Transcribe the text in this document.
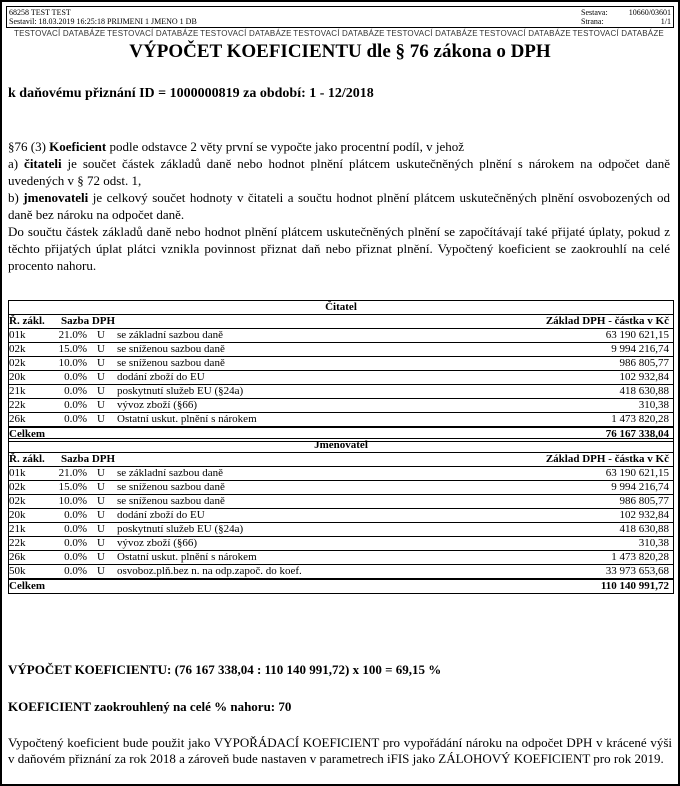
68258 TEST TEST
Sestavil: 18.03.2019 16:25:18 PRIJMENI 1 JMENO 1 DB
Sestava:	10660/03601
Strana:	1/1
TESTOVACÍ DATABÁZE TESTOVACÍ DATABÁZE TESTOVACÍ DATABÁZE TESTOVACÍ DATABÁZE TESTOVACÍ DATABÁZE TESTOVACÍ DATABÁZE TESTOVACÍ DATABÁZE
VÝPOČET KOEFICIENTU dle § 76 zákona o DPH
k daňovému přiznání ID = 1000000819 za období: 1 - 12/2018

§76 (3) Koeficient podle odstavce 2 věty první se vypočte jako procentní podíl, v jehož

a) čitateli je součet částek základů daně nebo hodnot plnění plátcem uskutečněných plnění s nárokem na odpočet daně uvedených v § 72 odst. 1,

b) jmenovateli je celkový součet hodnoty v čitateli a součtu hodnot plnění plátcem uskutečněných plnění osvobozených od daně bez nároku na odpočet daně.

Do součtu částek základů daně nebo hodnot plnění plátcem uskutečněných plnění se započítávají také přijaté úplaty, pokud z těchto přijatých úplat plátci vznikla povinnost přiznat daň nebo přiznat plnění. Vypočtený koeficient se zaokrouhlí na celé procento nahoru.

Čitatel
Ř. zákl.	Sazba DPH	Základ DPH - částka v Kč
01k	21.0% U	se základní sazbou daně	63 190 621,15
02k	15.0% U	se sníženou sazbou daně	9 994 216,74
02k	10.0% U	se sníženou sazbou daně	986 805,77
20k	0.0% U	dodání zboží do EU	102 932,84
21k	0.0% U	poskytnutí služeb EU (§24a)	418 630,88
22k	0.0% U	vývoz zboží (§66)	310,38
26k	0.0% U	Ostatní uskut. plnění s nárokem	1 473 820,28
Celkem	76 167 338,04
Jmenovatel
Ř. zákl.	Sazba DPH	Základ DPH - částka v Kč
01k	21.0% U	se základní sazbou daně	63 190 621,15
02k	15.0% U	se sníženou sazbou daně	9 994 216,74
02k	10.0% U	se sníženou sazbou daně	986 805,77
20k	0.0% U	dodání zboží do EU	102 932,84
21k	0.0% U	poskytnutí služeb EU (§24a)	418 630,88
22k	0.0% U	vývoz zboží (§66)	310,38
26k	0.0% U	Ostatní uskut. plnění s nárokem	1 473 820,28
50k	0.0% U	osvoboz.plň.bez n. na odp.započ. do koef.	33 973 653,68
Celkem	110 140 991,72
VÝPOČET KOEFICIENTU: (76 167 338,04 : 110 140 991,72) x 100 = 69,15 %
KOEFICIENT zaokrouhlený na celé % nahoru: 70
Vypočtený koeficient bude použit jako VYPOŘÁDACÍ KOEFICIENT pro vypořádání nároku na odpočet DPH v krácené výši v daňovém přiznání za rok 2018 a zároveň bude nastaven v parametrech iFIS jako ZÁLOHOVÝ KOEFICIENT pro rok 2019.
